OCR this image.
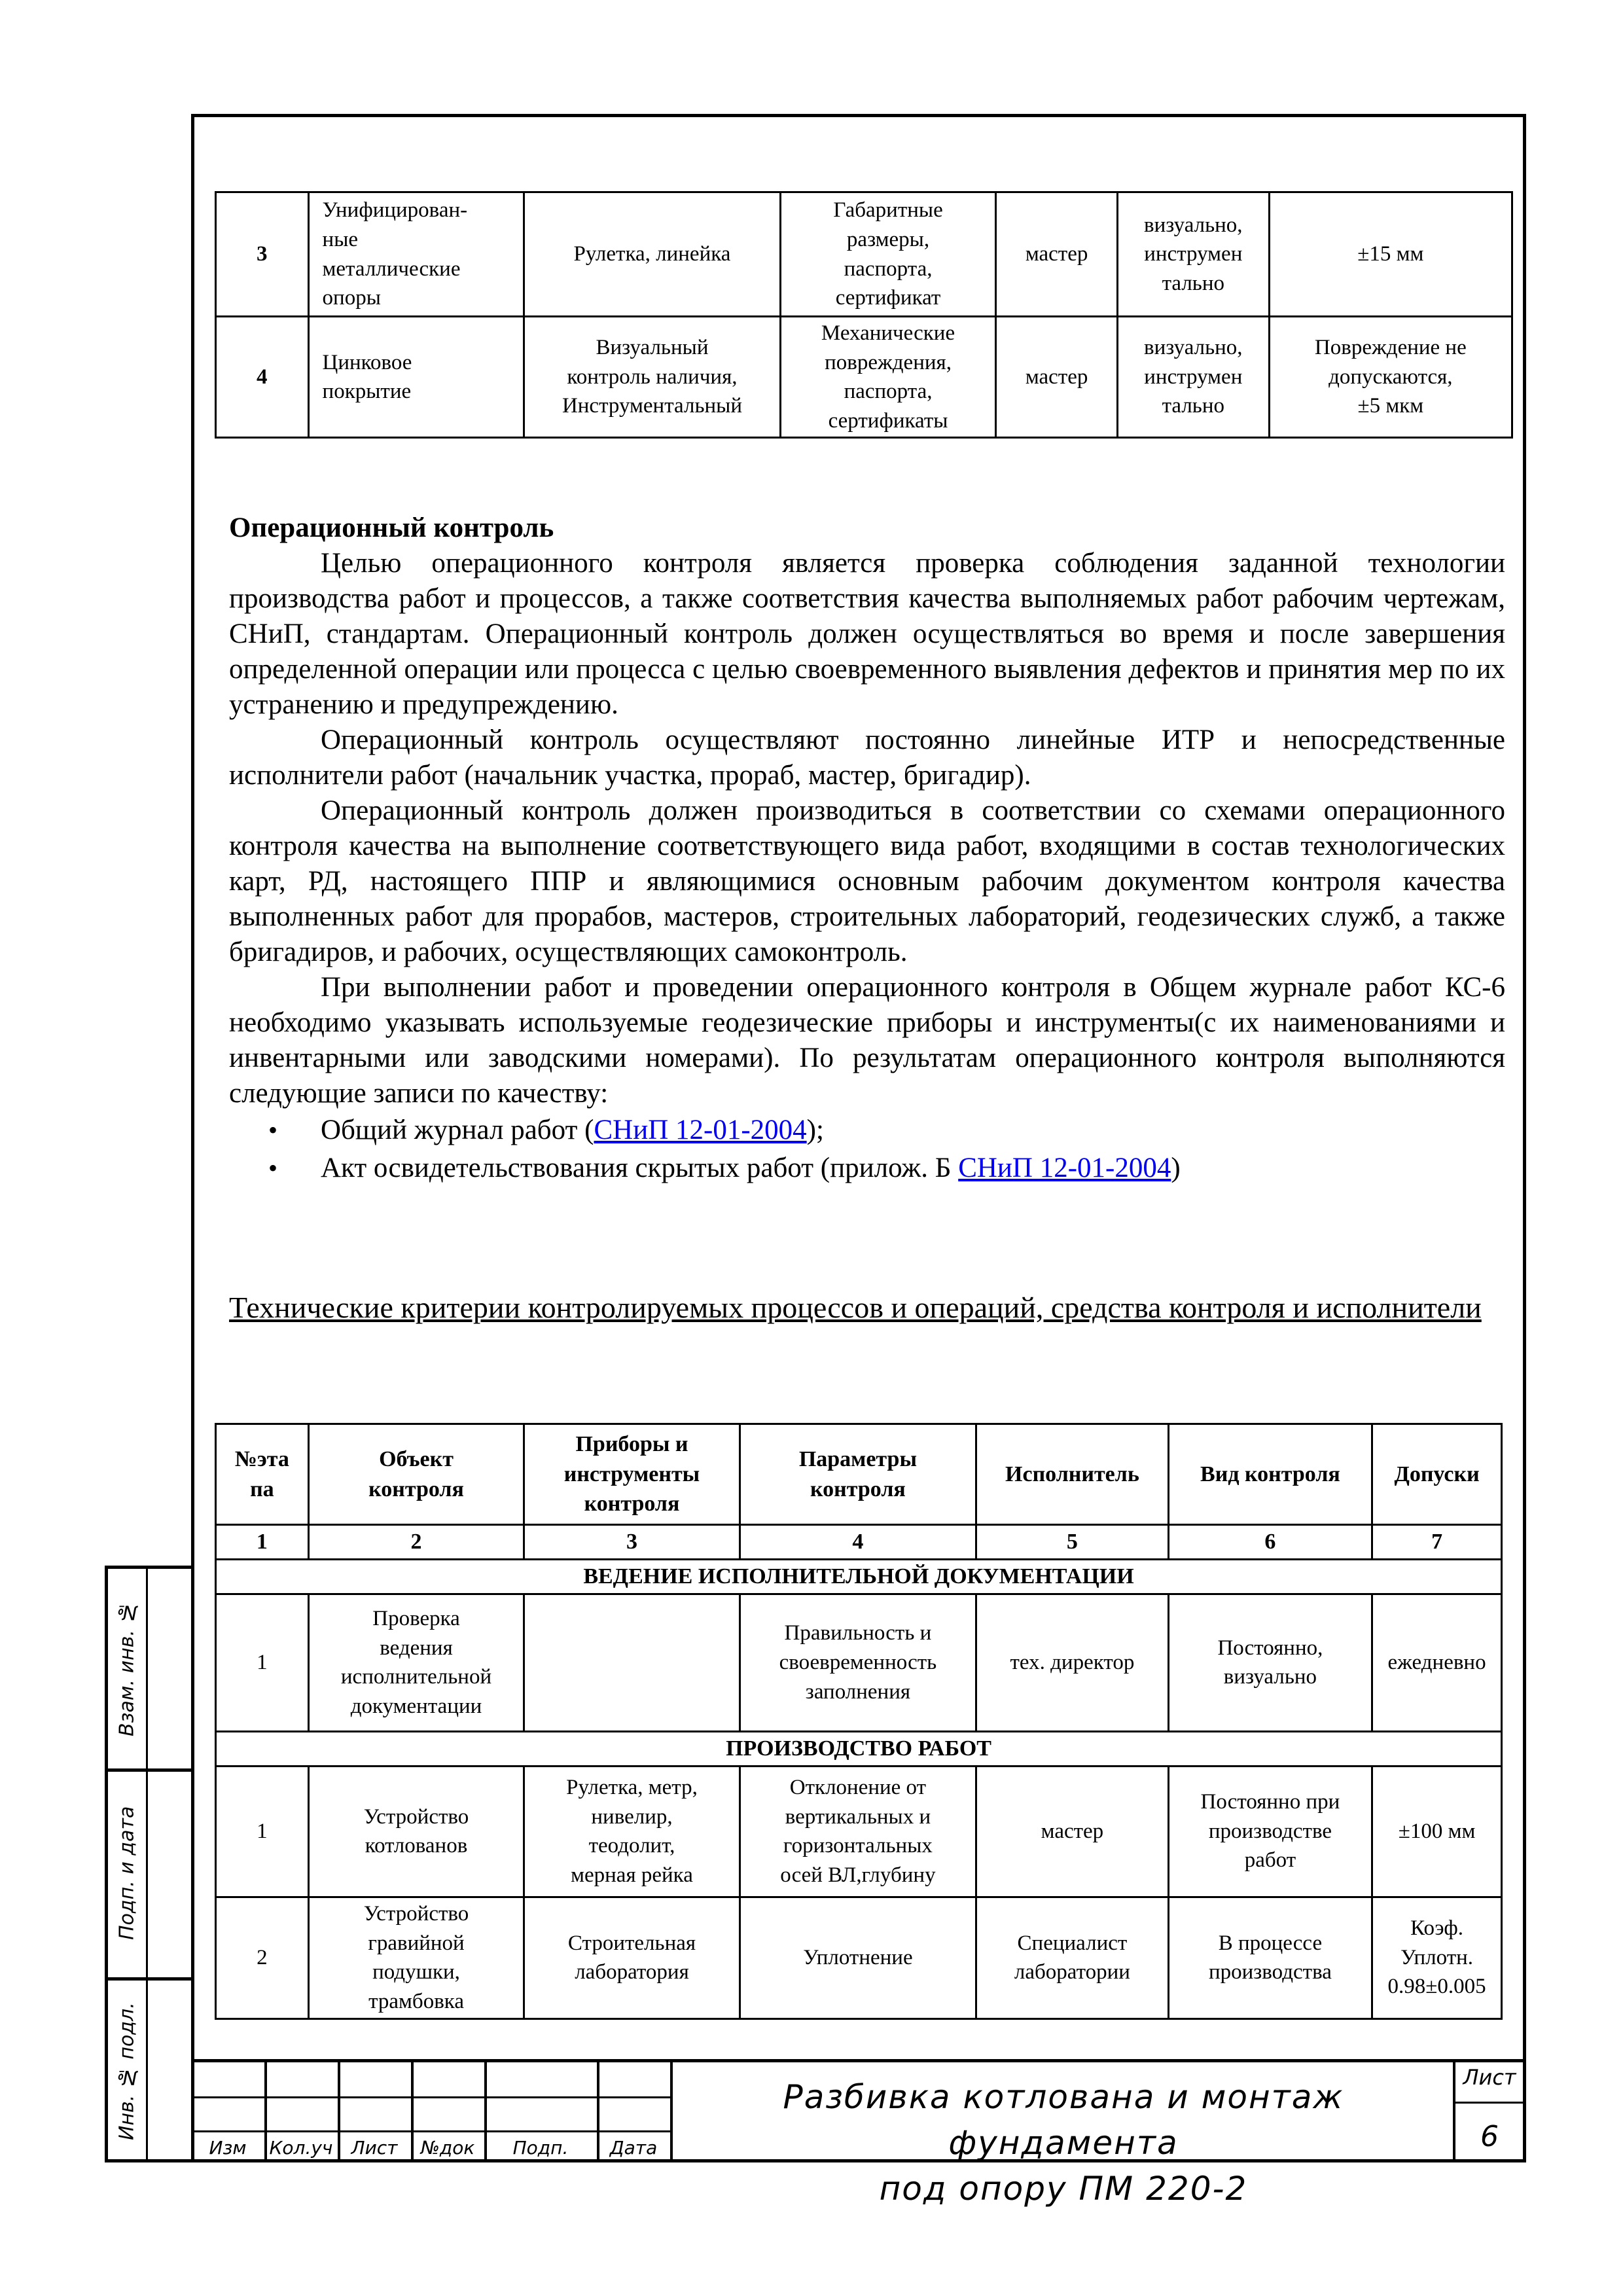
Взам. инв. №
Подп. и дата
Инв. № подл.
3	Унифицирован-
ные
металлические
опоры	Рулетка, линейка	Габаритные
размеры,
паспорта,
сертификат	мастер	визуально,
инструмен
тально	±15 мм
4	Цинковое
покрытие	Визуальный
контроль наличия,
Инструментальный	Механические
повреждения,
паспорта,
сертификаты	мастер	визуально,
инструмен
тально	Повреждение не
допускаются,
±5 мкм
Операционный контроль

Целью операционного контроля является проверка соблюдения заданной технологии производства работ и процессов, а также соответствия качества выполняемых работ рабочим чертежам, СНиП, стандартам. Операционный контроль должен осуществляться во время и после завершения определенной операции или процесса с целью своевременного выявления дефектов и принятия мер по их устранению и предупреждению.

Операционный контроль осуществляют постоянно линейные ИТР и непосредственные исполнители работ (начальник участка, прораб, мастер, бригадир).

Операционный контроль должен производиться в соответствии со схемами операционного контроля качества на выполнение соответствующего вида работ, входящими в состав технологических карт, РД, настоящего ППР и являющимися основным рабочим документом контроля качества выполненных работ для прорабов, мастеров, строительных лабораторий, геодезических служб, а также бригадиров, и рабочих, осуществляющих самоконтроль.

При выполнении работ и проведении операционного контроля в Общем журнале работ КС-6 необходимо указывать используемые геодезические приборы и инструменты(с их наименованиями и инвентарными или заводскими номерами). По результатам операционного контроля выполняются следующие записи по качеству:

• Общий журнал работ (СНиП 12-01-2004);
• Акт освидетельствования скрытых работ (прилож. Б СНиП 12-01-2004)
Технические критерии контролируемых процессов и операций, средства контроля и исполнители
№эта
па	Объект
контроля	Приборы и
инструменты
контроля	Параметры
контроля	Исполнитель	Вид контроля	Допуски
1	2	3	4	5	6	7
ВЕДЕНИЕ ИСПОЛНИТЕЛЬНОЙ ДОКУМЕНТАЦИИ						
1	Проверка
ведения
исполнительной
документации		Правильность и
своевременность
заполнения	тех. директор	Постоянно,
визуально	ежедневно
ПРОИЗВОДСТВО РАБОТ						
1	Устройство
котлованов	Рулетка, метр,
нивелир,
теодолит,
мерная рейка	Отклонение от
вертикальных и
горизонтальных
осей ВЛ,глубину	мастер	Постоянно при
производстве
работ	±100 мм
2	Устройство
гравийной
подушки,
трамбовка	Строительная
лаборатория	Уплотнение	Специалист
лаборатории	В процессе
производства	Коэф.
Уплотн.
0.98±0.005
Изм	Кол.уч	Лист	№док	Подп.	Дата
Разбивка котлована и монтаж фундамента
под опору ПМ 220-2
Лист
6
